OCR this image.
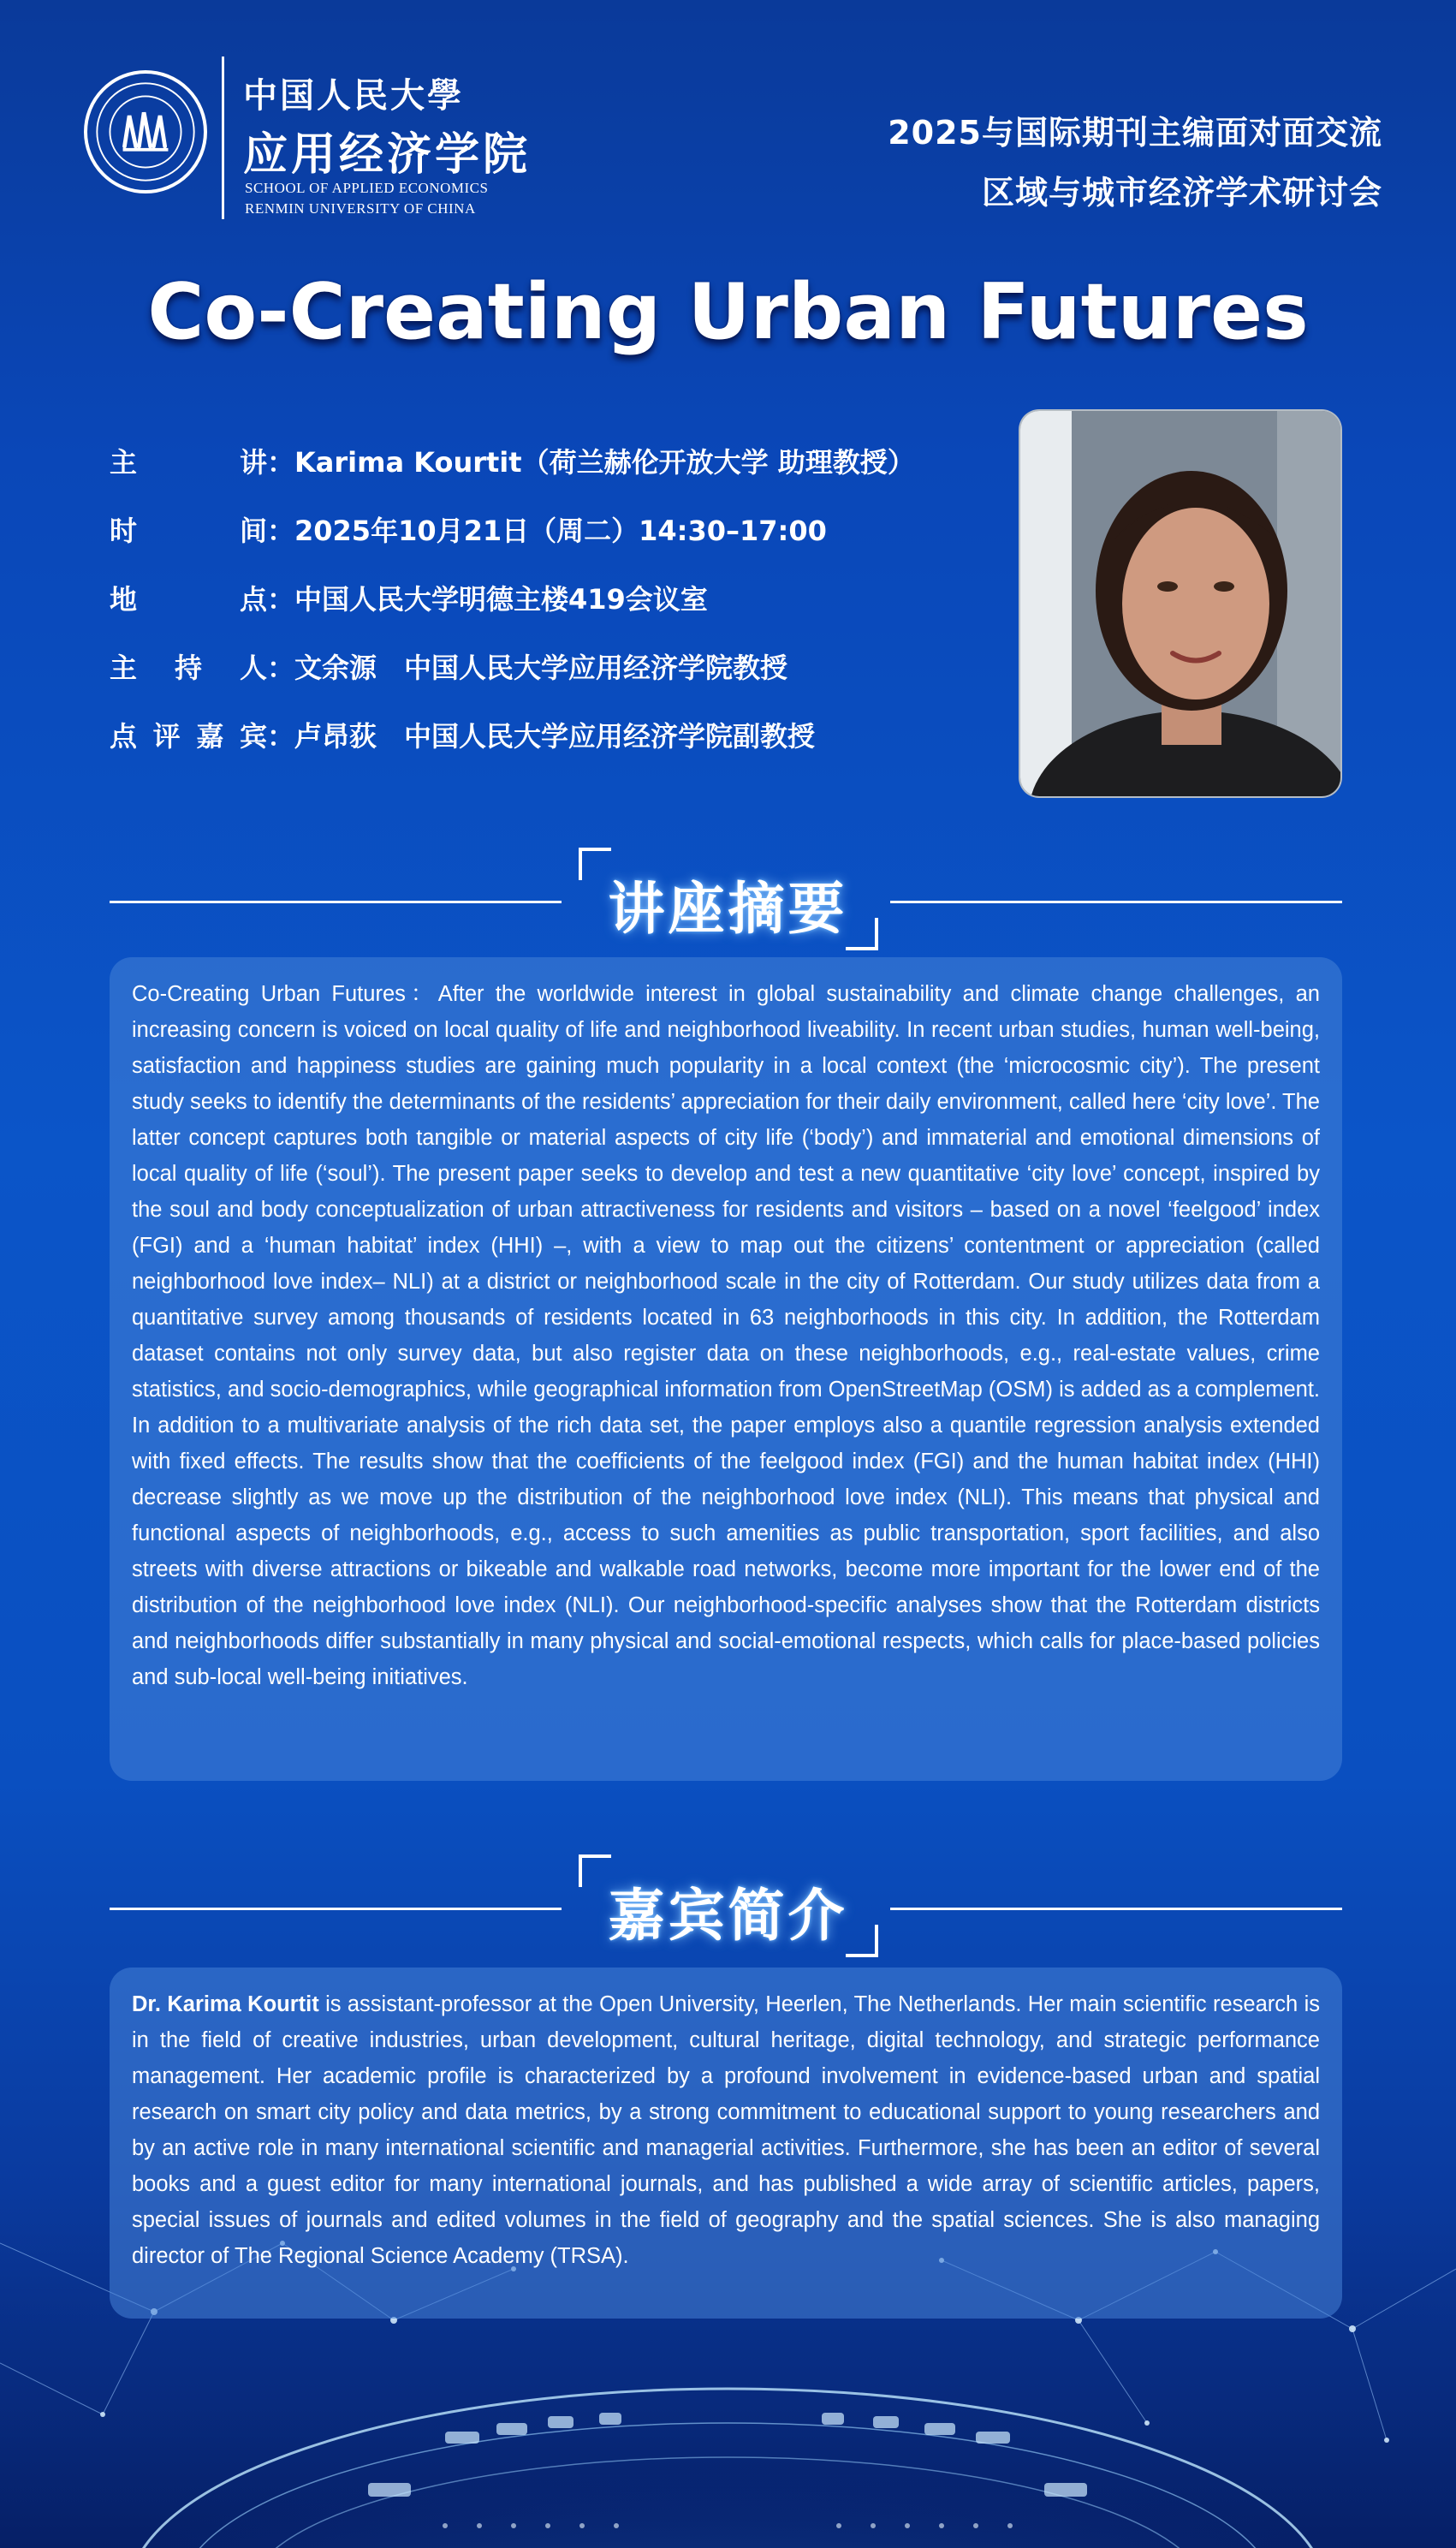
中国人民大學
应用经济学院
SCHOOL OF APPLIED ECONOMICS
RENMIN UNIVERSITY OF CHINA
2025与国际期刊主编面对面交流
区域与城市经济学术研讨会
Co-Creating Urban Futures
主讲：Karima Kourtit（荷兰赫伦开放大学 助理教授）
时间：2025年10月21日（周二）14:30–17:00
地点：中国人民大学明德主楼419会议室
主持人：文余源　中国人民大学应用经济学院教授
点评嘉宾：卢昂荻　中国人民大学应用经济学院副教授
讲座摘要

Co-Creating Urban Futures：After the worldwide interest in global sustainability and climate change challenges, an increasing concern is voiced on local quality of life and neighborhood liveability. In recent urban studies, human well-being, satisfaction and happiness studies are gaining much popularity in a local context (the ‘microcosmic city’). The present study seeks to identify the determinants of the residents’ appreciation for their daily environment, called here ‘city love’. The latter concept captures both tangible or material aspects of city life (‘body’) and immaterial and emotional dimensions of local quality of life (‘soul’). The present paper seeks to develop and test a new quantitative ‘city love’ concept, inspired by the soul and body conceptualization of urban attractiveness for residents and visitors – based on a novel ‘feelgood’ index (FGI) and a ‘human habitat’ index (HHI) –, with a view to map out the citizens’ contentment or appreciation (called neighborhood love index– NLI) at a district or neighborhood scale in the city of Rotterdam. Our study utilizes data from a quantitative survey among thousands of residents located in 63 neighborhoods in this city. In addition, the Rotterdam dataset contains not only survey data, but also register data on these neighborhoods, e.g., real-estate values, crime statistics, and socio-demographics, while geographical information from OpenStreetMap (OSM) is added as a complement. In addition to a multivariate analysis of the rich data set, the paper employs also a quantile regression analysis extended with fixed effects. The results show that the coefficients of the feelgood index (FGI) and the human habitat index (HHI) decrease slightly as we move up the distribution of the neighborhood love index (NLI). This means that physical and functional aspects of neighborhoods, e.g., access to such amenities as public transportation, sport facilities, and also streets with diverse attractions or bikeable and walkable road networks, become more important for the lower end of the distribution of the neighborhood love index (NLI). Our neighborhood-specific analyses show that the Rotterdam districts and neighborhoods differ substantially in many physical and social-emotional respects, which calls for place-based policies and sub-local well-being initiatives.

嘉宾简介

Dr. Karima Kourtit is assistant-professor at the Open University, Heerlen, The Netherlands. Her main scientific research is in the field of creative industries, urban development, cultural heritage, digital technology, and strategic performance management. Her academic profile is characterized by a profound involvement in evidence-based urban and spatial research on smart city policy and data metrics, by a strong commitment to educational support to young researchers and by an active role in many international scientific and managerial activities. Furthermore, she has been an editor of several books and a guest editor for many international journals, and has published a wide array of scientific articles, papers, special issues of journals and edited volumes in the field of geography and the spatial sciences. She is also managing director of The Regional Science Academy (TRSA).
